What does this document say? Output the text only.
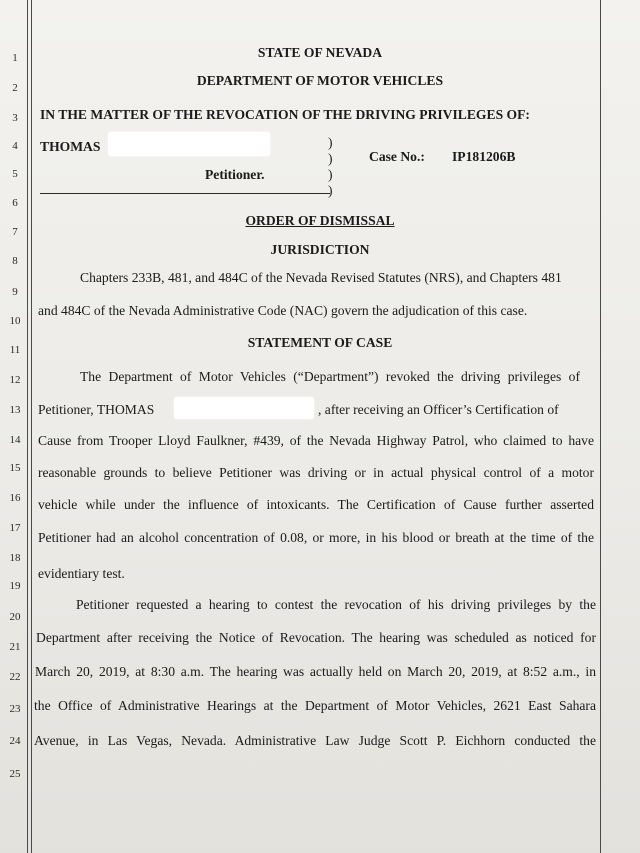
1
2
3
4
5
6
7
8
9
10
11
12
13
14
15
16
17
18
19
20
21
22
23
24
25
STATE OF NEVADA
DEPARTMENT OF MOTOR VEHICLES
IN THE MATTER OF THE REVOCATION OF THE DRIVING PRIVILEGES OF:
THOMAS
Petitioner.
)
)
)
)
Case No.: IP181206B
ORDER OF DISMISSAL
JURISDICTION
Chapters 233B, 481, and 484C of the Nevada Revised Statutes (NRS), and Chapters 481
and 484C of the Nevada Administrative Code (NAC) govern the adjudication of this case.
STATEMENT OF CASE
The Department of Motor Vehicles (“Department”) revoked the driving privileges of
Petitioner, THOMAS	, after receiving an Officer’s Certification of
Cause from Trooper Lloyd Faulkner, #439, of the Nevada Highway Patrol, who claimed to have
reasonable grounds to believe Petitioner was driving or in actual physical control of a motor
vehicle while under the influence of intoxicants. The Certification of Cause further asserted
Petitioner had an alcohol concentration of 0.08, or more, in his blood or breath at the time of the
evidentiary test.
Petitioner requested a hearing to contest the revocation of his driving privileges by the
Department after receiving the Notice of Revocation. The hearing was scheduled as noticed for
March 20, 2019, at 8:30 a.m. The hearing was actually held on March 20, 2019, at 8:52 a.m., in
the Office of Administrative Hearings at the Department of Motor Vehicles, 2621 East Sahara
Avenue, in Las Vegas, Nevada. Administrative Law Judge Scott P. Eichhorn conducted the
